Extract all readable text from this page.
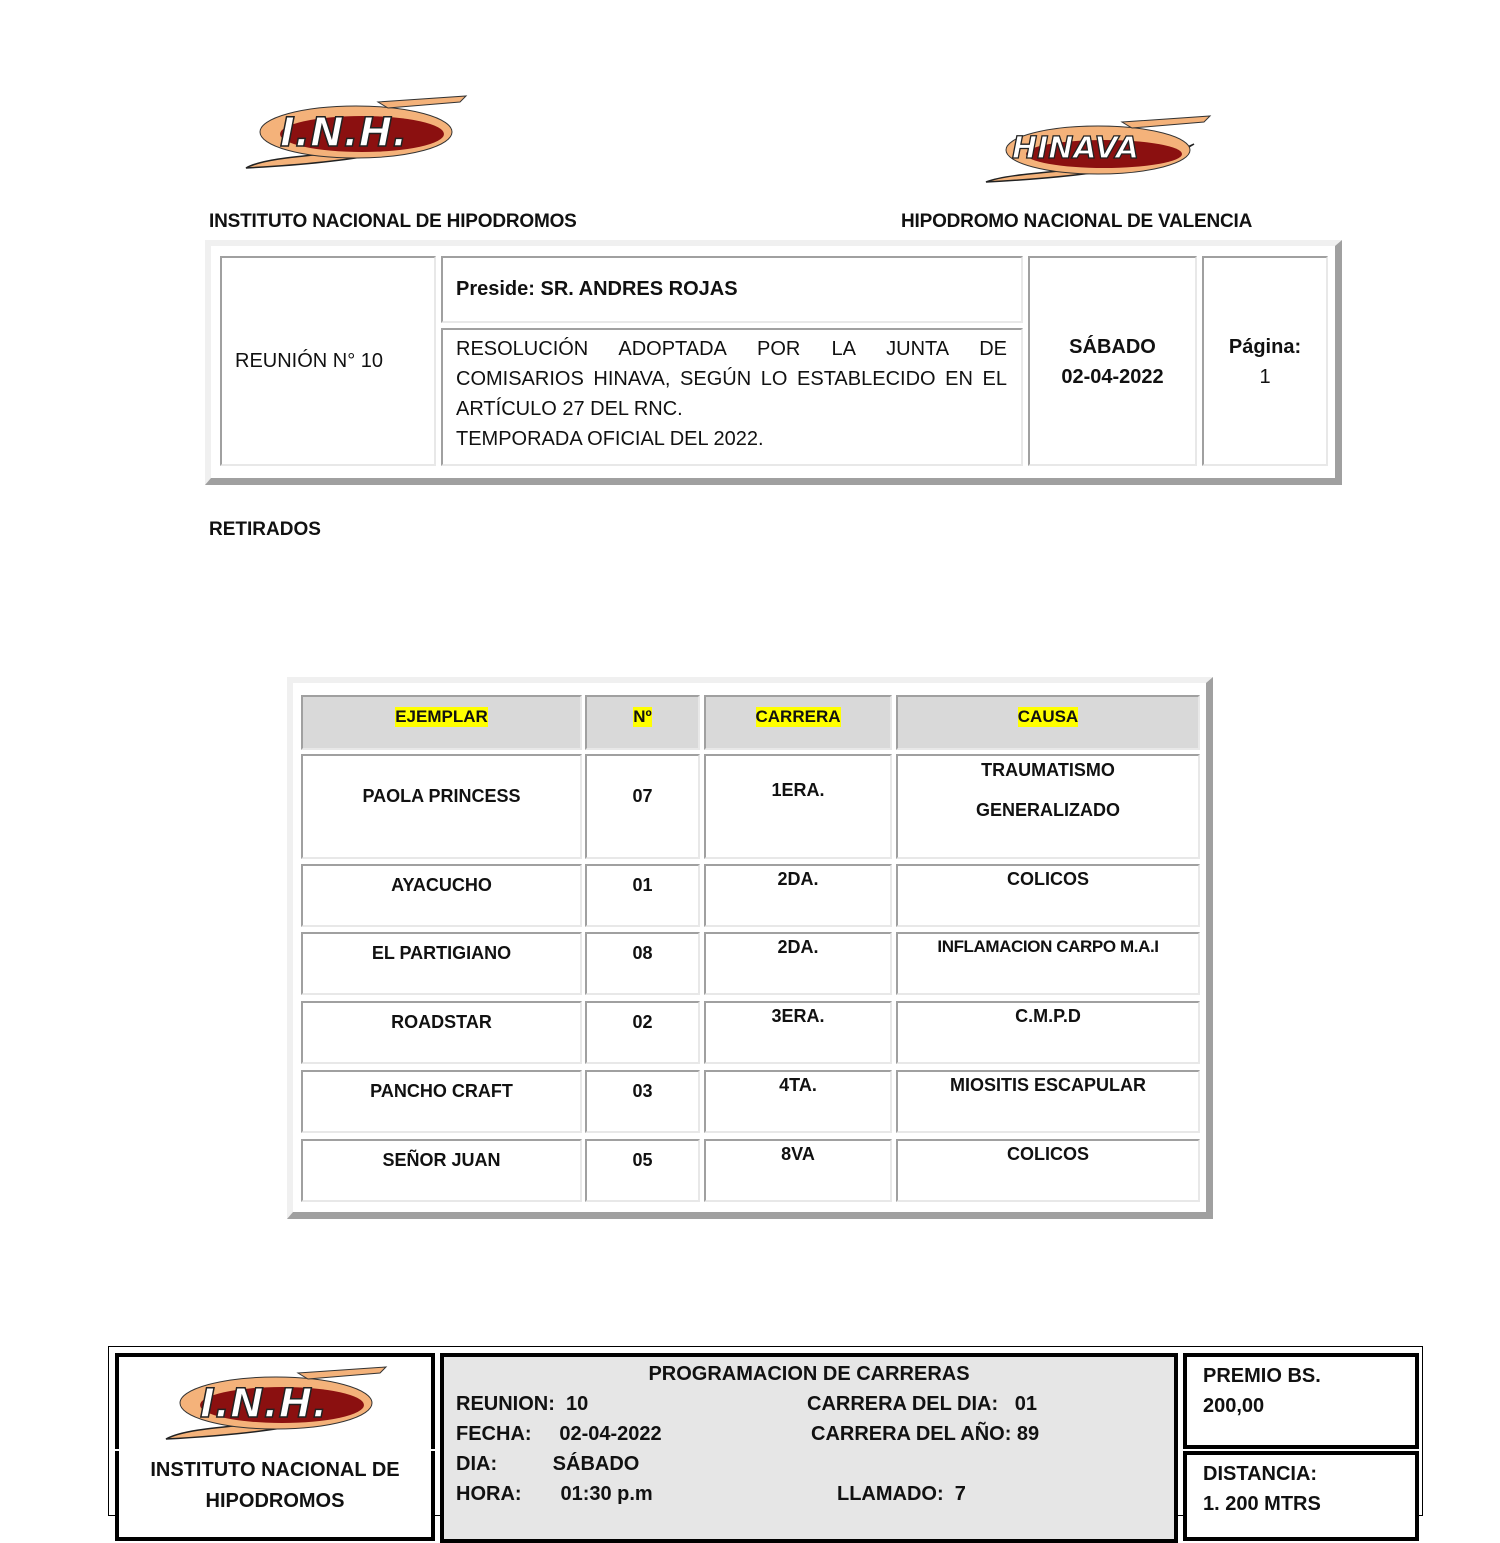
I.N.H.	HINAVA
INSTITUTO NACIONAL DE HIPODROMOS	HIPODROMO NACIONAL DE VALENCIA
REUNIÓN N° 10
Preside: SR. ANDRES ROJAS
RESOLUCIÓN ADOPTADA POR LA JUNTA DE
COMISARIOS HINAVA, SEGÚN LO ESTABLECIDO EN EL
ARTÍCULO 27 DEL RNC.
TEMPORADA OFICIAL DEL 2022.
SÁBADO
02-04-2022
Página:
1
RETIRADOS
EJEMPLAR	Nº	CARRERA	CAUSA
PAOLA PRINCESS	07	1ERA.
TRAUMATISMO
GENERALIZADO
AYACUCHO	01	2DA.	COLICOS
EL PARTIGIANO	08	2DA.	INFLAMACION CARPO M.A.I
ROADSTAR	02	3ERA.	C.M.P.D
PANCHO CRAFT	03	4TA.	MIOSITIS ESCAPULAR
SEÑOR JUAN	05	8VA	COLICOS
I.N.H.
INSTITUTO NACIONAL DE
HIPODROMOS
PROGRAMACION DE CARRERAS
REUNION:  10
FECHA:     02-04-2022
DIA:          SÁBADO
HORA:       01:30 p.m
CARRERA DEL DIA:   01
CARRERA DEL AÑO: 89
LLAMADO:  7
PREMIO BS.
200,00
DISTANCIA:
1. 200 MTRS
